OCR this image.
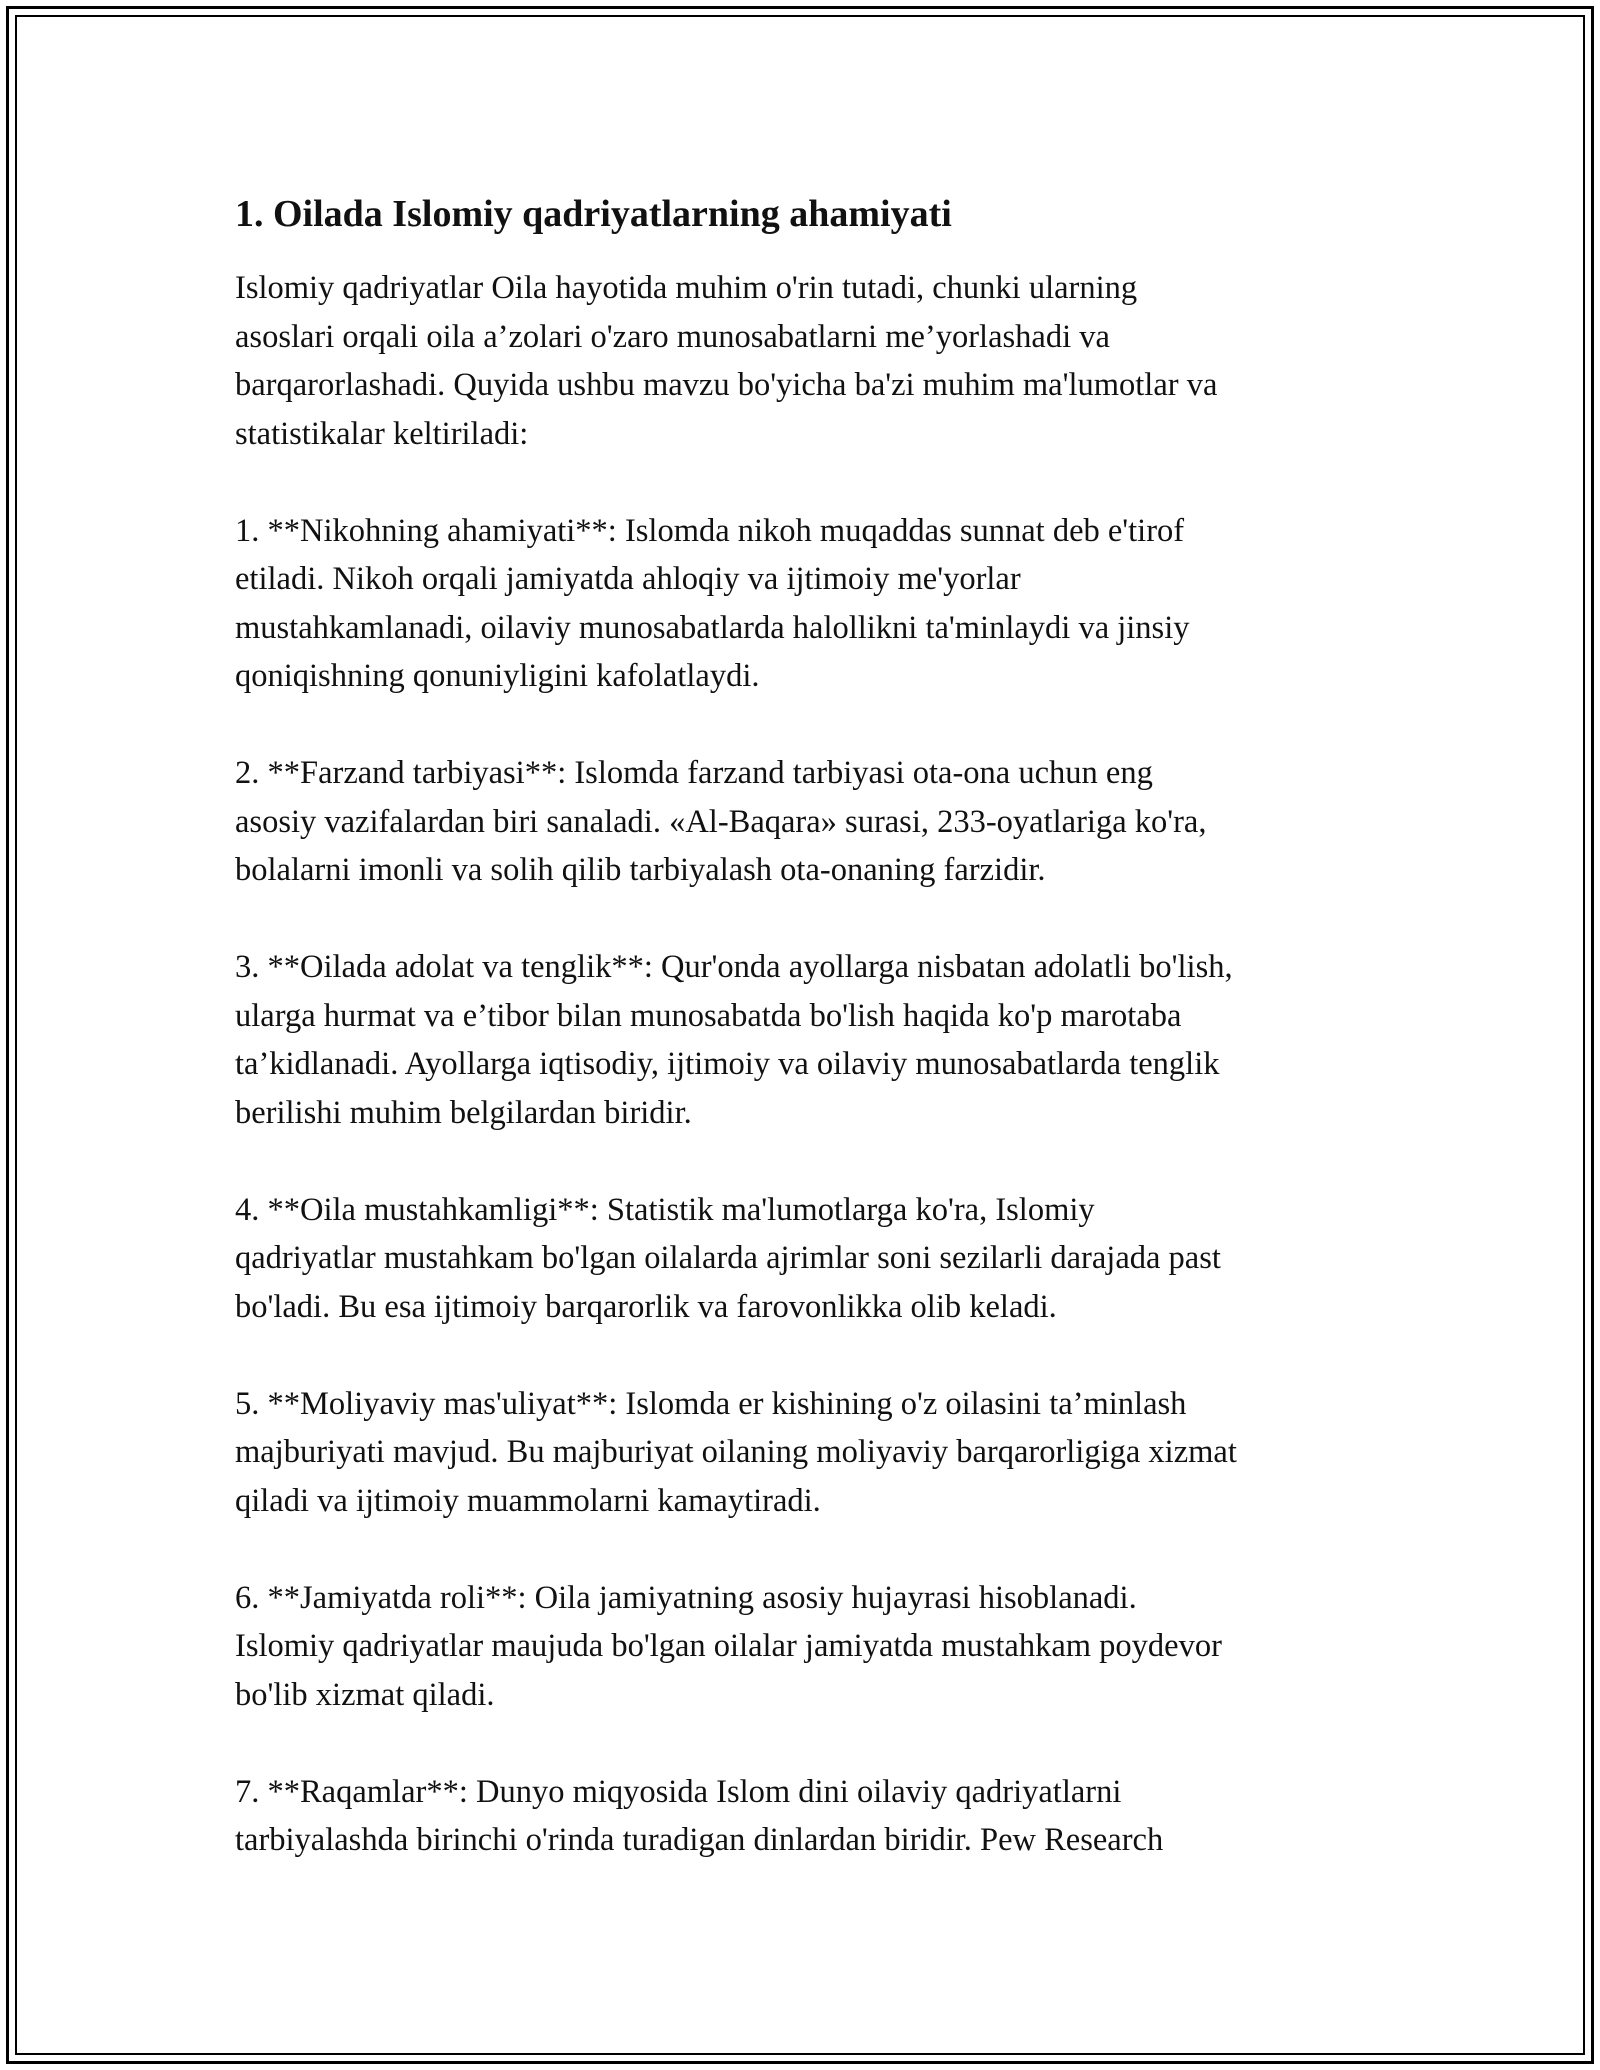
1. Oilada Islomiy qadriyatlarning ahamiyati

Islomiy qadriyatlar Oila hayotida muhim o'rin tutadi, chunki ularning
asoslari orqali oila a’zolari o'zaro munosabatlarni me’yorlashadi va
barqarorlashadi. Quyida ushbu mavzu bo'yicha ba'zi muhim ma'lumotlar va
statistikalar keltiriladi:

1. **Nikohning ahamiyati**: Islomda nikoh muqaddas sunnat deb e'tirof
etiladi. Nikoh orqali jamiyatda ahloqiy va ijtimoiy me'yorlar
mustahkamlanadi, oilaviy munosabatlarda halollikni ta'minlaydi va jinsiy
qoniqishning qonuniyligini kafolatlaydi.

2. **Farzand tarbiyasi**: Islomda farzand tarbiyasi ota-ona uchun eng
asosiy vazifalardan biri sanaladi. «Al-Baqara» surasi, 233-oyatlariga ko'ra,
bolalarni imonli va solih qilib tarbiyalash ota-onaning farzidir.

3. **Oilada adolat va tenglik**: Qur'onda ayollarga nisbatan adolatli bo'lish,
ularga hurmat va e’tibor bilan munosabatda bo'lish haqida ko'p marotaba
ta’kidlanadi. Ayollarga iqtisodiy, ijtimoiy va oilaviy munosabatlarda tenglik
berilishi muhim belgilardan biridir.

4. **Oila mustahkamligi**: Statistik ma'lumotlarga ko'ra, Islomiy
qadriyatlar mustahkam bo'lgan oilalarda ajrimlar soni sezilarli darajada past
bo'ladi. Bu esa ijtimoiy barqarorlik va farovonlikka olib keladi.

5. **Moliyaviy mas'uliyat**: Islomda er kishining o'z oilasini ta’minlash
majburiyati mavjud. Bu majburiyat oilaning moliyaviy barqarorligiga xizmat
qiladi va ijtimoiy muammolarni kamaytiradi.

6. **Jamiyatda roli**: Oila jamiyatning asosiy hujayrasi hisoblanadi.
Islomiy qadriyatlar maujuda bo'lgan oilalar jamiyatda mustahkam poydevor
bo'lib xizmat qiladi.

7. **Raqamlar**: Dunyo miqyosida Islom dini oilaviy qadriyatlarni
tarbiyalashda birinchi o'rinda turadigan dinlardan biridir. Pew Research
